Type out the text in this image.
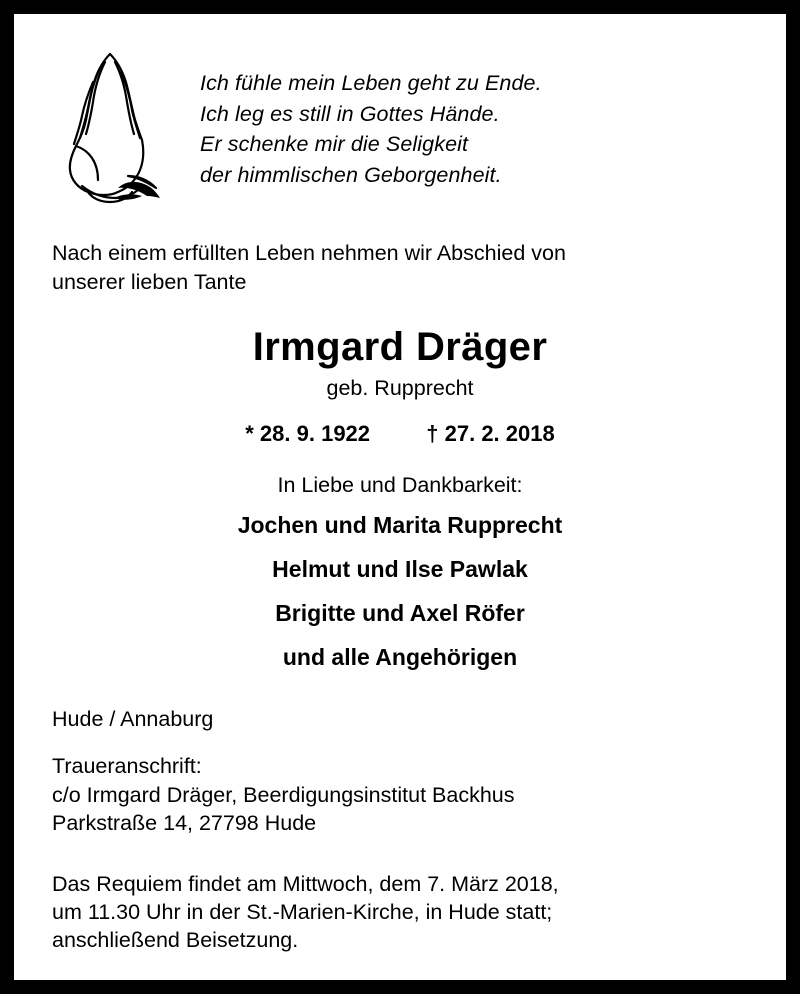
Ich fühle mein Leben geht zu Ende.
Ich leg es still in Gottes Hände.
Er schenke mir die Seligkeit
der himmlischen Geborgenheit.
Nach einem erfüllten Leben nehmen wir Abschied von
unserer lieben Tante
Irmgard Dräger
geb. Rupprecht
* 28. 9. 1922	† 27. 2. 2018
In Liebe und Dankbarkeit:
Jochen und Marita Rupprecht
Helmut und Ilse Pawlak
Brigitte und Axel Röfer
und alle Angehörigen
Hude / Annaburg
Traueranschrift:
c/o Irmgard Dräger, Beerdigungsinstitut Backhus
Parkstraße 14, 27798 Hude
Das Requiem findet am Mittwoch, dem 7. März 2018,
um 11.30 Uhr in der St.-Marien-Kirche, in Hude statt;
anschließend Beisetzung.
